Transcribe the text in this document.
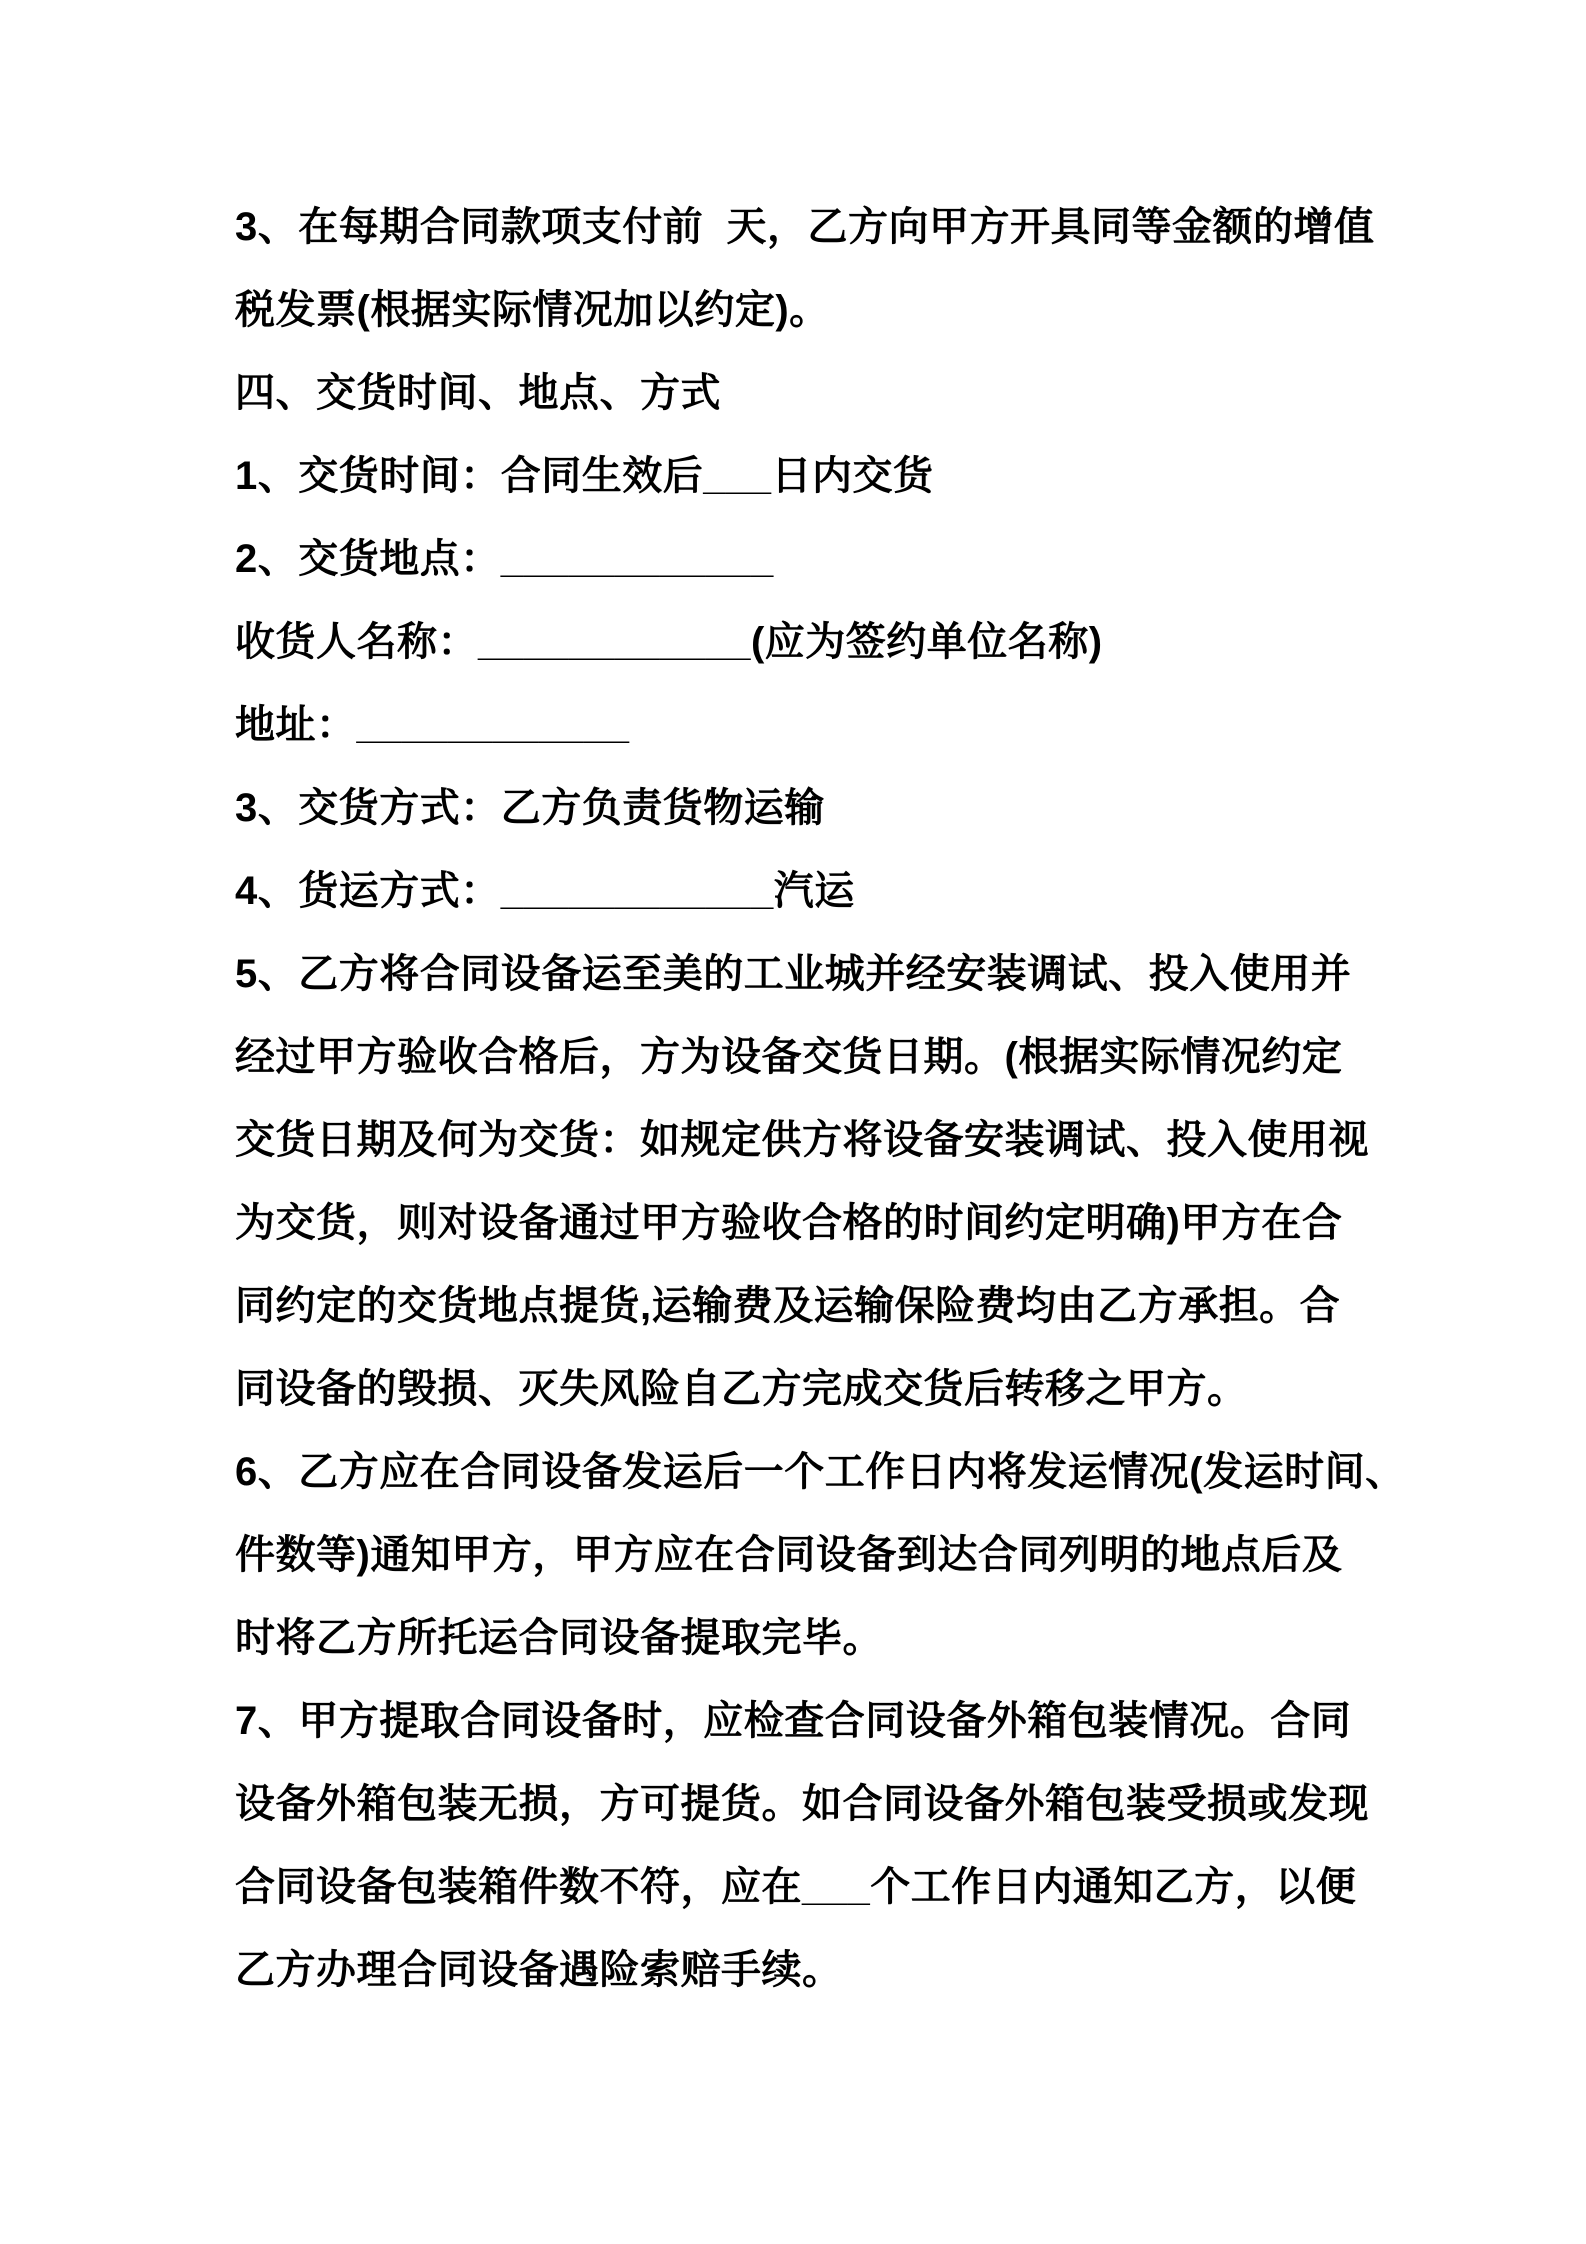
3、在每期合同款项支付前  天，乙方向甲方开具同等金额的增值
税发票(根据实际情况加以约定)。
四、交货时间、地点、方式
1、交货时间：合同生效后___日内交货
2、交货地点：____________
收货人名称：____________(应为签约单位名称)
地址：____________
3、交货方式：乙方负责货物运输
4、货运方式：____________汽运
5、乙方将合同设备运至美的工业城并经安装调试、投入使用并
经过甲方验收合格后，方为设备交货日期。(根据实际情况约定
交货日期及何为交货：如规定供方将设备安装调试、投入使用视
为交货，则对设备通过甲方验收合格的时间约定明确)甲方在合
同约定的交货地点提货,运输费及运输保险费均由乙方承担。合
同设备的毁损、灭失风险自乙方完成交货后转移之甲方。
6、乙方应在合同设备发运后一个工作日内将发运情况(发运时间、
件数等)通知甲方，甲方应在合同设备到达合同列明的地点后及
时将乙方所托运合同设备提取完毕。
7、甲方提取合同设备时，应检查合同设备外箱包装情况。合同
设备外箱包装无损，方可提货。如合同设备外箱包装受损或发现
合同设备包装箱件数不符，应在___个工作日内通知乙方，以便
乙方办理合同设备遇险索赔手续。
